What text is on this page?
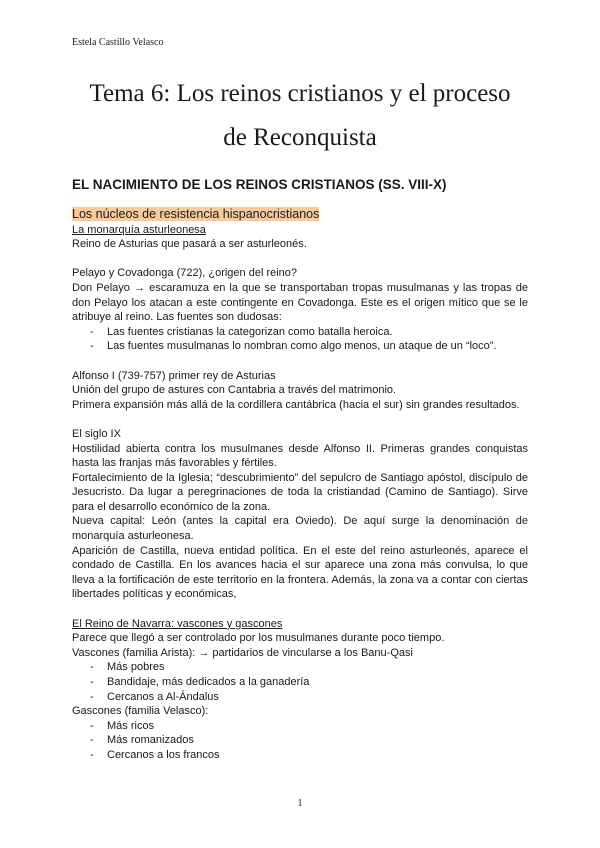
Estela Castillo Velasco
Tema 6: Los reinos cristianos y el proceso
de Reconquista
EL NACIMIENTO DE LOS REINOS CRISTIANOS (SS. VIII-X)

Los núcleos de resistencia hispanocristianos

La monarquía asturleonesa

Reino de Asturias que pasará a ser asturleonés.

Pelayo y Covadonga (722), ¿origen del reino?

Don Pelayo → escaramuza en la que se transportaban tropas musulmanas y las tropas de don Pelayo los atacan a este contingente en Covadonga. Este es el origen mítico que se le atribuye al reino. Las fuentes son dudosas:

- Las fuentes cristianas la categorizan como batalla heroica.
- Las fuentes musulmanas lo nombran como algo menos, un ataque de un “loco”.

Alfonso I (739-757) primer rey de Asturias

Unión del grupo de astures con Cantabria a través del matrimonio.

Primera expansión más allá de la cordillera cantábrica (hacia el sur) sin grandes resultados.

El siglo IX

Hostilidad abierta contra los musulmanes desde Alfonso II. Primeras grandes conquistas hasta las franjas más favorables y fértiles.

Fortalecimiento de la Iglesia; “descubrimiento” del sepulcro de Santiago apóstol, discípulo de Jesucristo. Da lugar a peregrinaciones de toda la cristiandad (Camino de Santiago). Sirve para el desarrollo económico de la zona.

Nueva capital: León (antes la capital era Oviedo). De aquí surge la denominación de monarquía asturleonesa.

Aparición de Castilla, nueva entidad política. En el este del reino asturleonés, aparece el condado de Castilla. En los avances hacia el sur aparece una zona más convulsa, lo que lleva a la fortificación de este territorio en la frontera. Además, la zona va a contar con ciertas libertades políticas y económicas,

El Reino de Navarra: vascones y gascones

Parece que llegó a ser controlado por los musulmanes durante poco tiempo.

Vascones (familia Arista): → partidarios de vincularse a los Banu-Qasi

- Más pobres
- Bandidaje, más dedicados a la ganadería
- Cercanos a Al-Ándalus

Gascones (familia Velasco):

- Más ricos
- Más romanizados
- Cercanos a los francos
1
